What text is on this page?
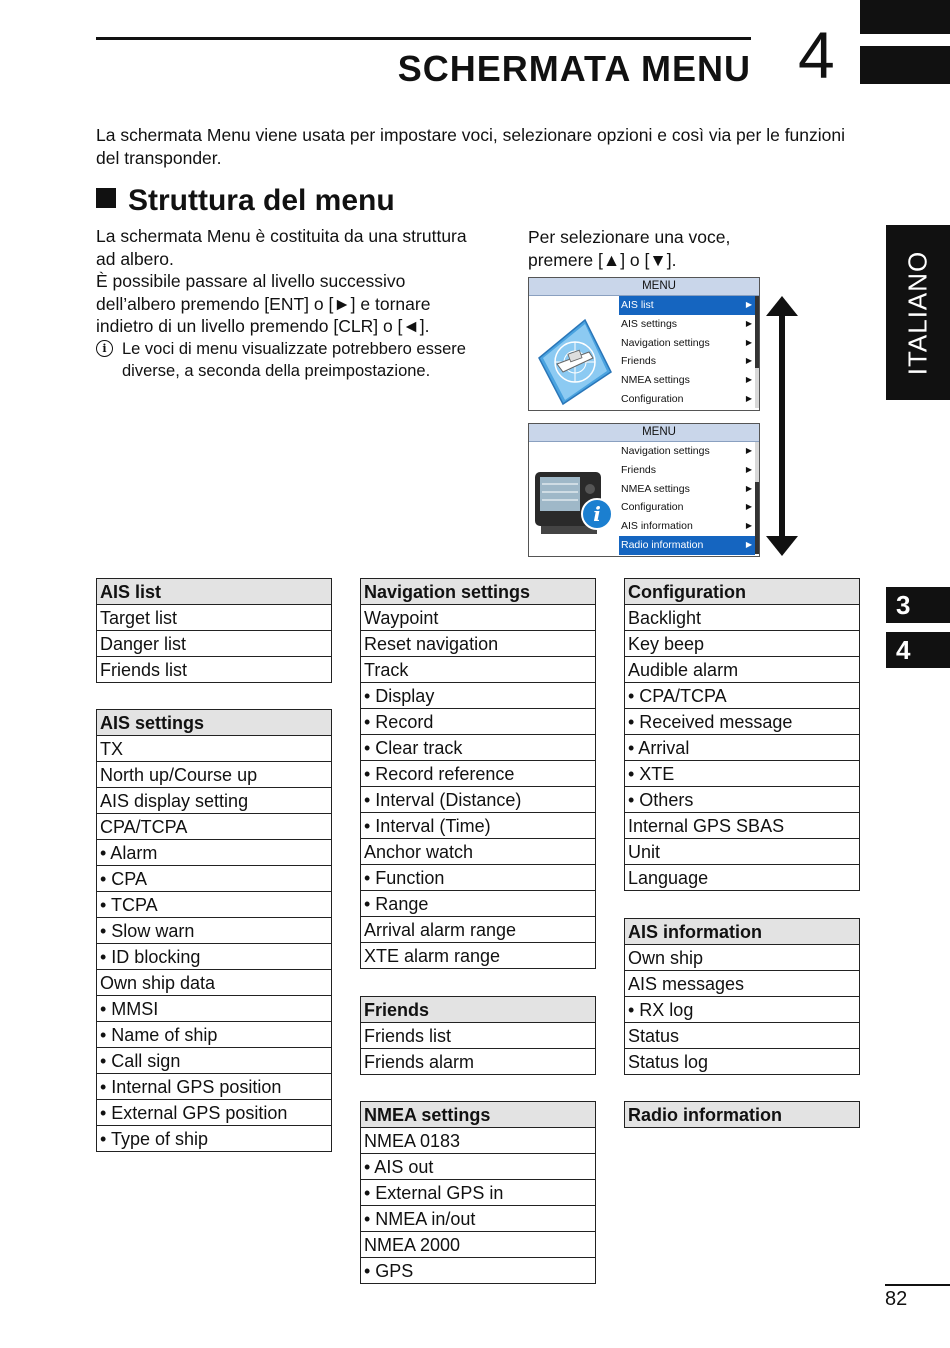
SCHERMATA MENU 4
La schermata Menu viene usata per impostare voci, selezionare opzioni e così via per le funzioni del transponder.
Struttura del menu
La schermata Menu è costituita da una struttura ad albero.
È possibile passare al livello successivo dell’albero premendo [ENT] o [►] e tornare indietro di un livello premendo [CLR] o [◄].
i Le voci di menu visualizzate potrebbero essere diverse, a seconda della preimpostazione.
Per selezionare una voce, premere [▲] o [▼].
MENU
AIS list ▶
AIS settings ▶
Navigation settings ▶
Friends ▶
NMEA settings ▶
Configuration ▶
MENU
i
Navigation settings ▶
Friends ▶
NMEA settings ▶
Configuration ▶
AIS information ▶
Radio information ▶
ITALIANO
3
4
AIS list
Target list
Danger list
Friends list
AIS settings
TX
North up/Course up
AIS display setting
CPA/TCPA
• Alarm
• CPA
• TCPA
• Slow warn
• ID blocking
Own ship data
• MMSI
• Name of ship
• Call sign
• Internal GPS position
• External GPS position
• Type of ship
Navigation settings
Waypoint
Reset navigation
Track
• Display
• Record
• Clear track
• Record reference
• Interval (Distance)
• Interval (Time)
Anchor watch
• Function
• Range
Arrival alarm range
XTE alarm range
Friends
Friends list
Friends alarm
NMEA settings
NMEA 0183
• AIS out
• External GPS in
• NMEA in/out
NMEA 2000
• GPS
Configuration
Backlight
Key beep
Audible alarm
• CPA/TCPA
• Received message
• Arrival
• XTE
• Others
Internal GPS SBAS
Unit
Language
AIS information
Own ship
AIS messages
• RX log
Status
Status log
Radio information
82
